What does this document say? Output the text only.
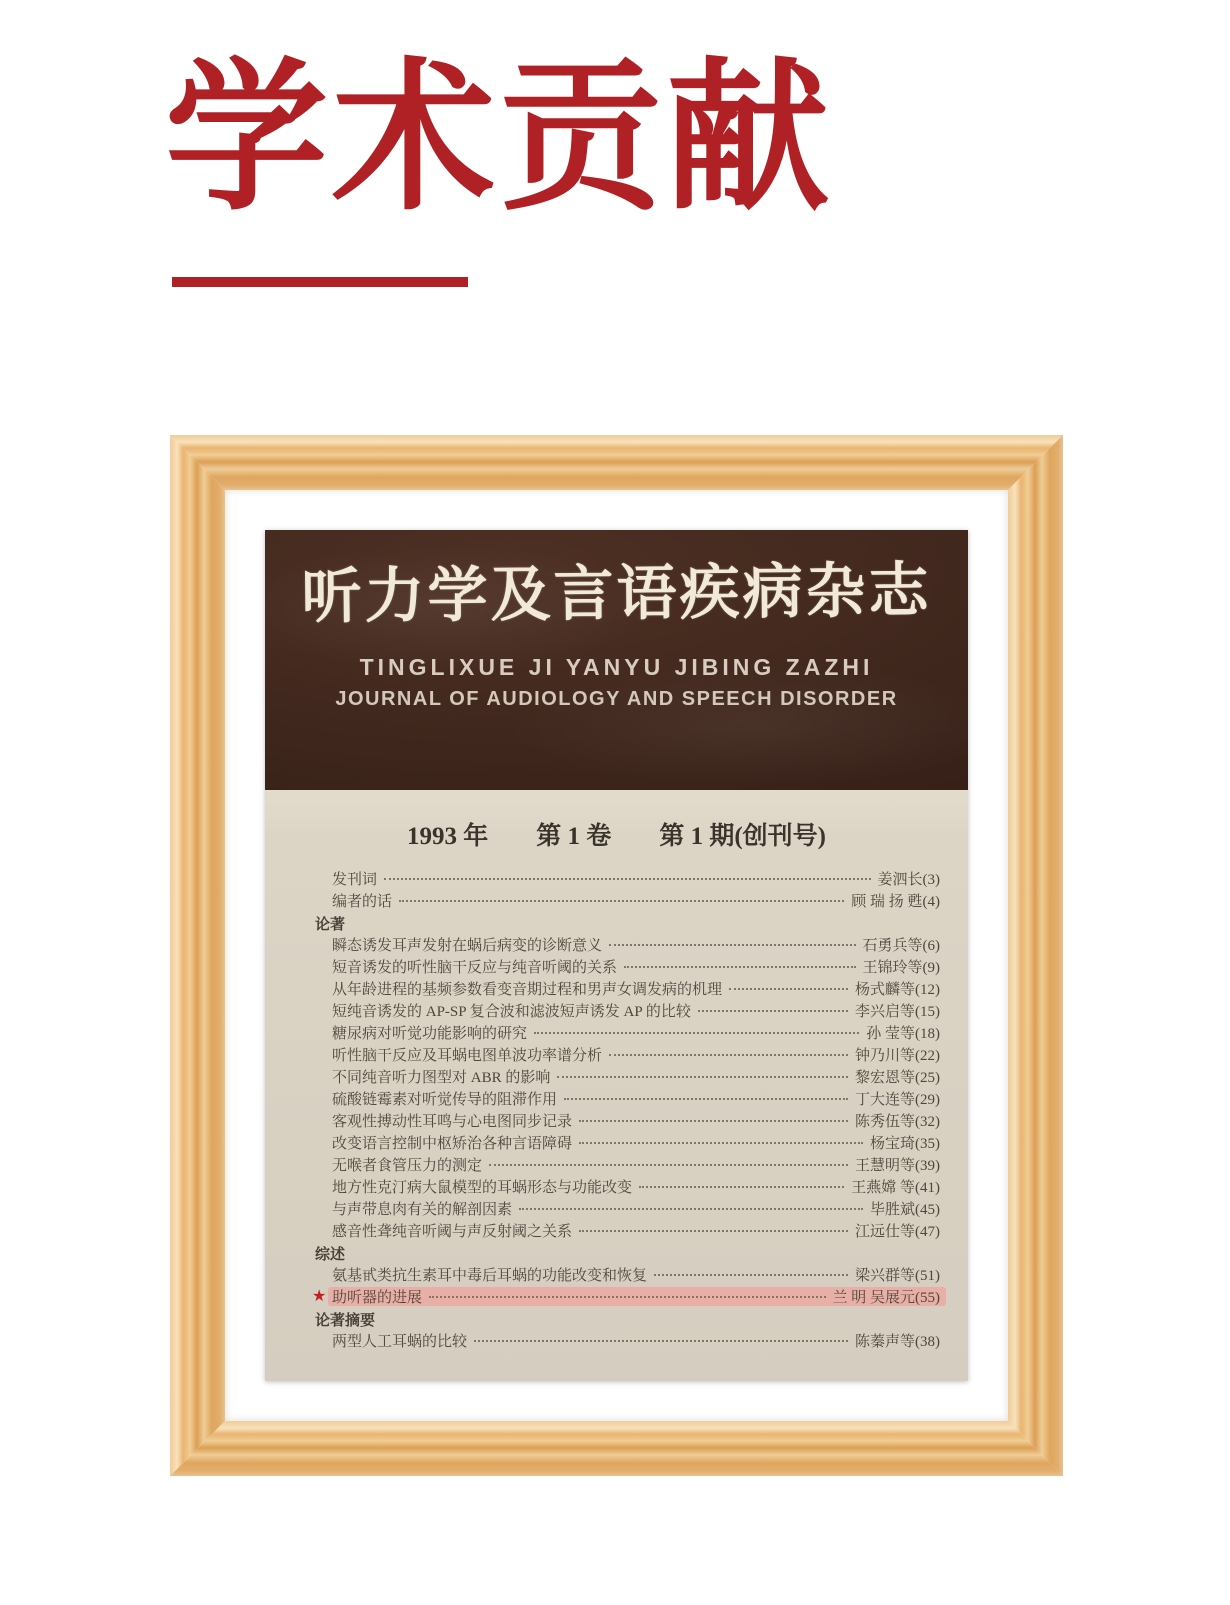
学术贡献
听力学及言语疾病杂志
TINGLIXUE JI YANYU JIBING ZAZHI
JOURNAL OF AUDIOLOGY AND SPEECH DISORDER
1993 年 第 1 卷 第 1 期(创刊号)
发刊词	姜泗长(3)
编者的话	顾 瑞 扬 甦(4)
论著
瞬态诱发耳声发射在蜗后病变的诊断意义	石勇兵等(6)
短音诱发的听性脑干反应与纯音听阈的关系	王锦玲等(9)
从年龄进程的基频参数看变音期过程和男声女调发病的机理	杨式麟等(12)
短纯音诱发的 AP-SP 复合波和滤波短声诱发 AP 的比较	李兴启等(15)
糖尿病对听觉功能影响的研究	孙 莹等(18)
听性脑干反应及耳蜗电图单波功率谱分析	钟乃川等(22)
不同纯音听力图型对 ABR 的影响	黎宏恩等(25)
硫酸链霉素对听觉传导的阻滞作用	丁大连等(29)
客观性搏动性耳鸣与心电图同步记录	陈秀伍等(32)
改变语言控制中枢矫治各种言语障碍	杨宝琦(35)
无喉者食管压力的测定	王慧明等(39)
地方性克汀病大鼠模型的耳蜗形态与功能改变	王燕嫦 等(41)
与声带息肉有关的解剖因素	毕胜斌(45)
感音性聋纯音听阈与声反射阈之关系	江远仕等(47)
综述
氨基甙类抗生素耳中毒后耳蜗的功能改变和恢复	梁兴群等(51)
★ 助听器的进展	兰 明 吴展元(55)
论著摘要
两型人工耳蜗的比较	陈蓁声等(38)
